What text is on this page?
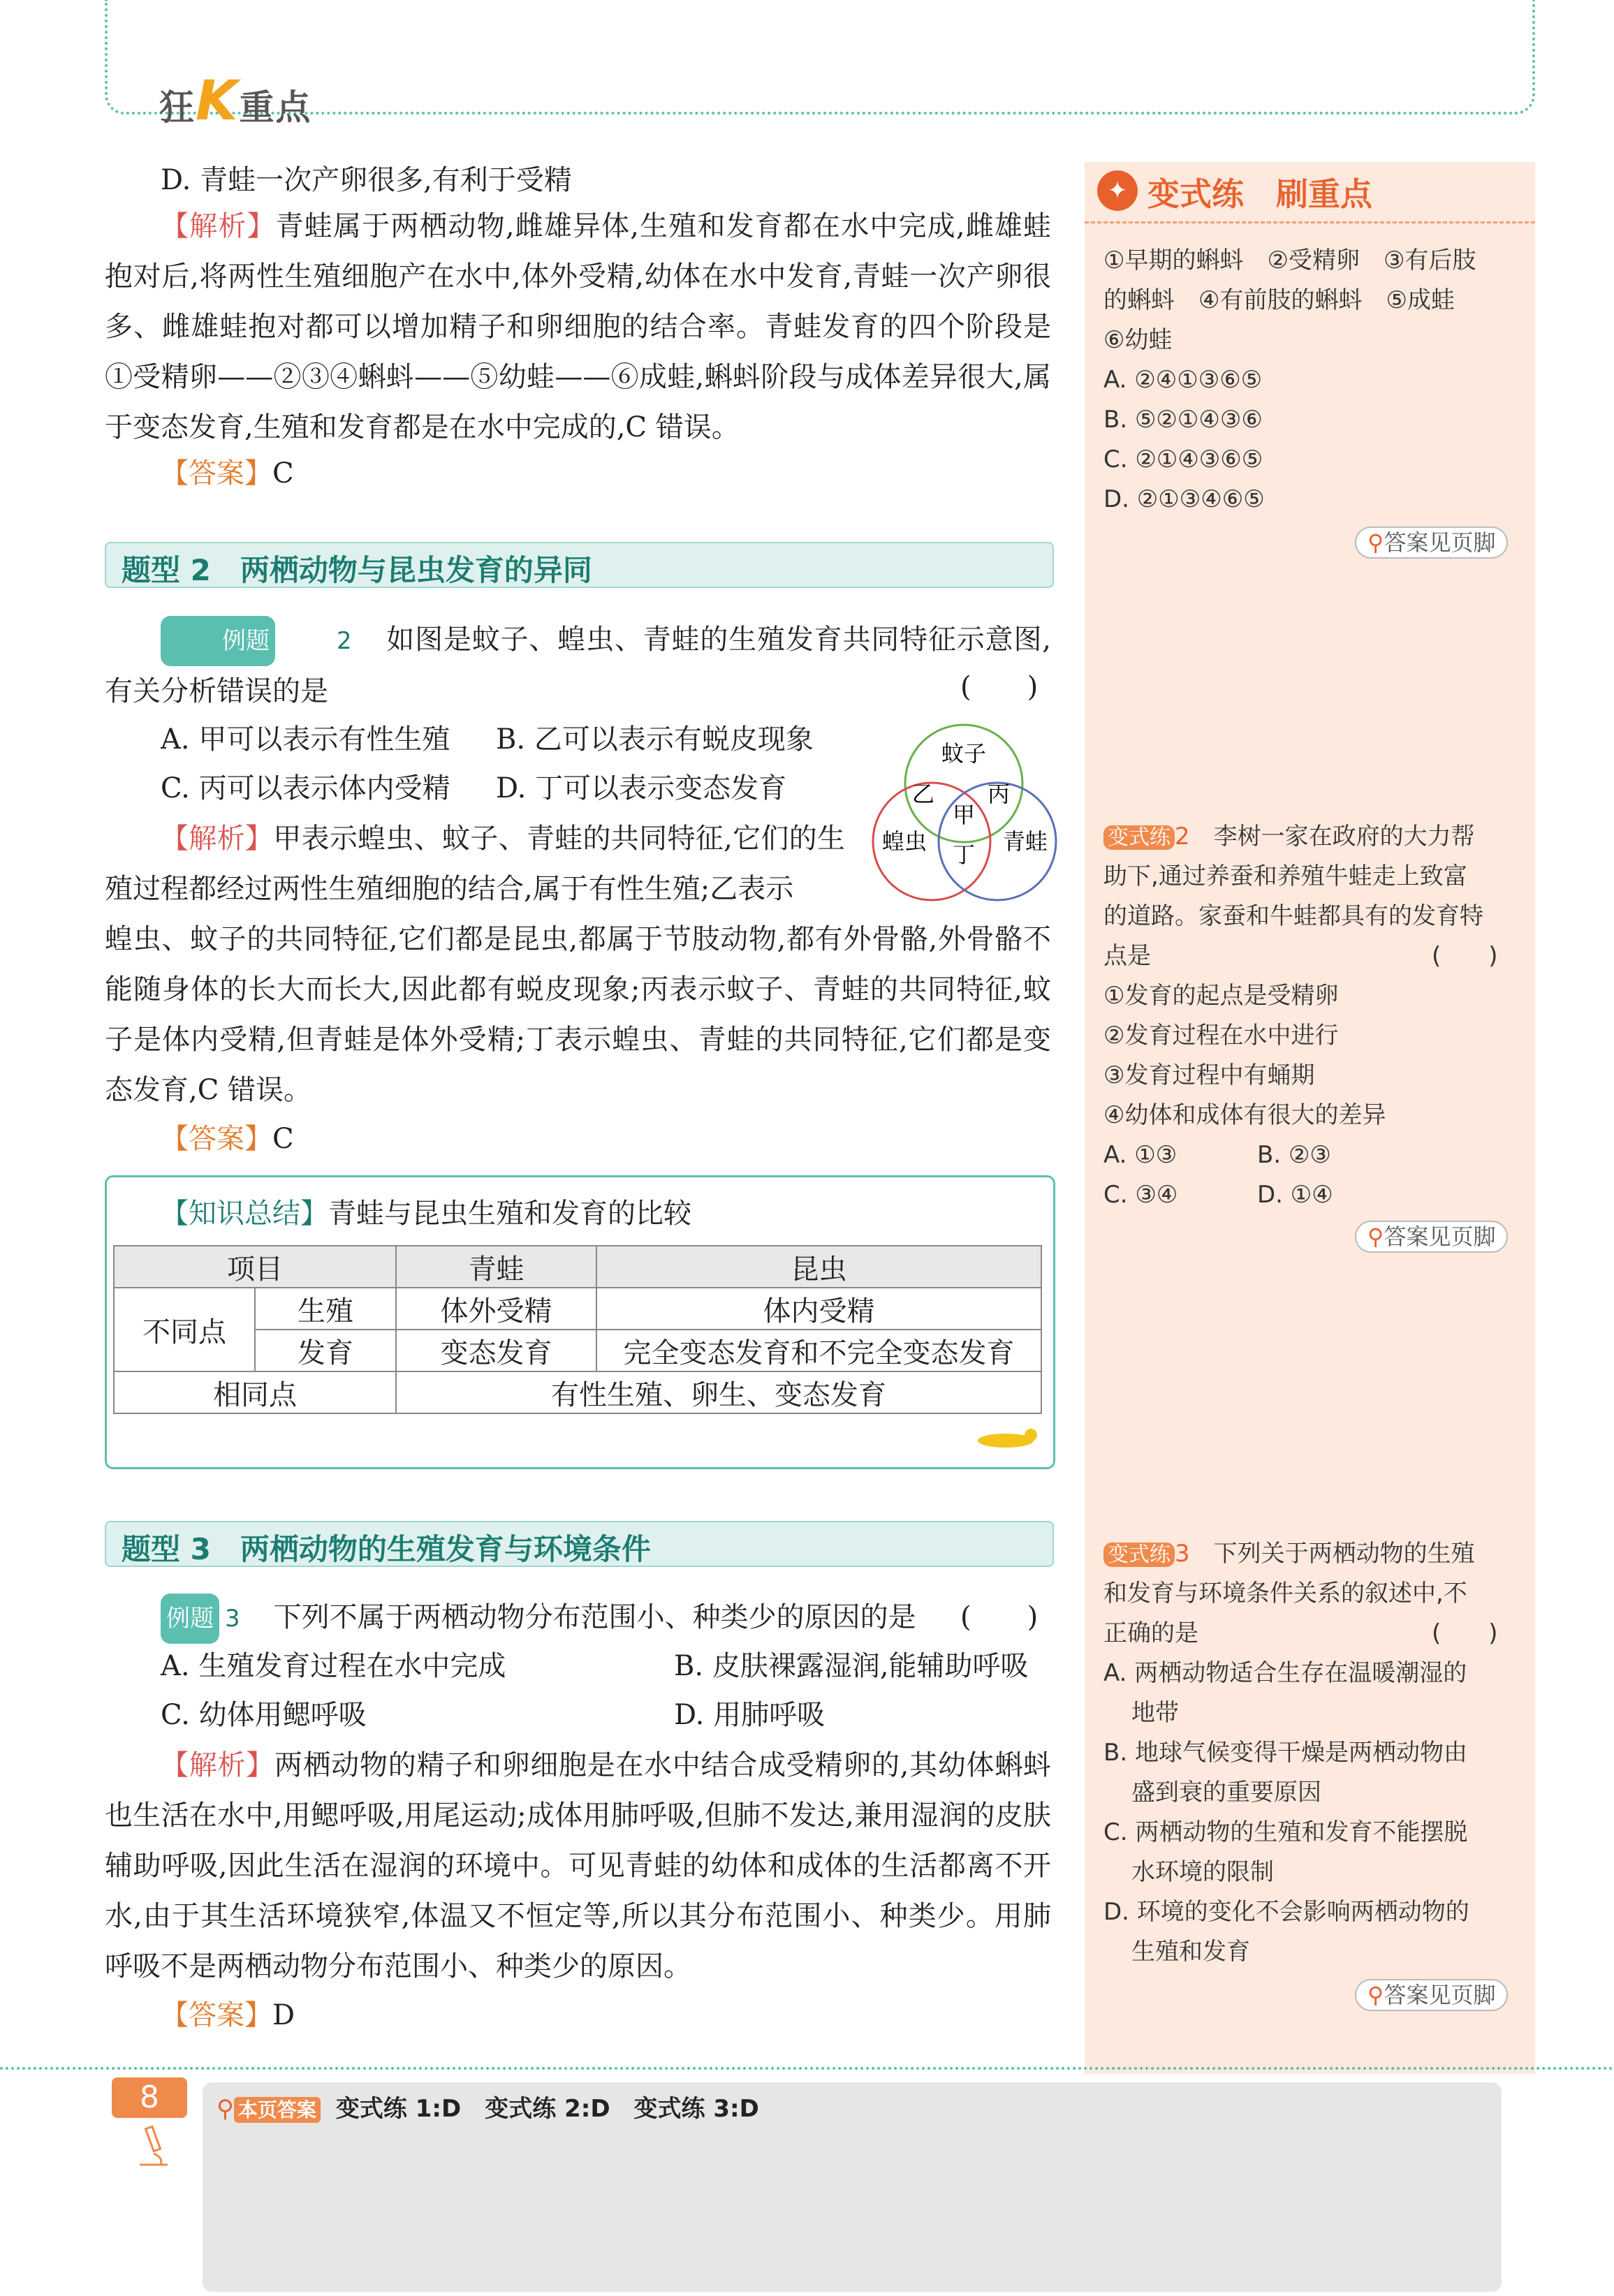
狂K重点
D. 青蛙一次产卵很多,有利于受精
【解析】青蛙属于两栖动物,雌雄异体,生殖和发育都在水中完成,雌雄蛙抱对后,将两性生殖细胞产在水中,体外受精,幼体在水中发育,青蛙一次产卵很多、雌雄蛙抱对都可以增加精子和卵细胞的结合率。青蛙发育的四个阶段是①受精卵——②③④蝌蚪——⑤幼蛙——⑥成蛙,蝌蚪阶段与成体差异很大,属于变态发育,生殖和发育都是在水中完成的,C 错误。
【答案】C
题型 2　两栖动物与昆虫发育的异同
例题	2　 如图是蚊子、蝗虫、青蛙的生殖发育共同特征示意图,有关分析错误的是	(　　)
A. 甲可以表示有性生殖	B. 乙可以表示有蜕皮现象
C. 丙可以表示体内受精	D. 丁可以表示变态发育
蚊子
蝗虫	青蛙
甲
乙 丙
丁
【解析】甲表示蝗虫、蚊子、青蛙的共同特征,它们的生殖过程都经过两性生殖细胞的结合,属于有性生殖;乙表示
蝗虫、蚊子的共同特征,它们都是昆虫,都属于节肢动物,都有外骨骼,外骨骼不能随身体的长大而长大,因此都有蜕皮现象;丙表示蚊子、青蛙的共同特征,蚊子是体内受精,但青蛙是体外受精;丁表示蝗虫、青蛙的共同特征,它们都是变态发育,C 错误。
【答案】C
【知识总结】青蛙与昆虫生殖和发育的比较
项目		青蛙	昆虫
不同点	生殖	体外受精	体内受精
	发育	变态发育	完全变态发育和不完全变态发育
相同点		有性生殖、卵生、变态发育	
题型 3　两栖动物的生殖发育与环境条件
例题 3　 下列不属于两栖动物分布范围小、种类少的原因的是	(　　)
A. 生殖发育过程在水中完成	B. 皮肤裸露湿润,能辅助呼吸
C. 幼体用鳃呼吸	D. 用肺呼吸
【解析】两栖动物的精子和卵细胞是在水中结合成受精卵的,其幼体蝌蚪也生活在水中,用鳃呼吸,用尾运动;成体用肺呼吸,但肺不发达,兼用湿润的皮肤辅助呼吸,因此生活在湿润的环境中。可见青蛙的幼体和成体的生活都离不开水,由于其生活环境狭窄,体温又不恒定等,所以其分布范围小、种类少。用肺呼吸不是两栖动物分布范围小、种类少的原因。
【答案】D
✦ 变式练　刷重点
①早期的蝌蚪　②受精卵　③有后肢
的蝌蚪　④有前肢的蝌蚪　⑤成蛙
⑥幼蛙
A. ②④①③⑥⑤
B. ⑤②①④③⑥
C. ②①④③⑥⑤
D. ②①③④⑥⑤
⚲答案见页脚
变式练 2　 李树一家在政府的大力帮
助下,通过养蚕和养殖牛蛙走上致富
的道路。家蚕和牛蛙都具有的发育特
点是	(　　)
①发育的起点是受精卵
②发育过程在水中进行
③发育过程中有蛹期
④幼体和成体有很大的差异
A. ①③	B. ②③
C. ③④	D. ①④
⚲答案见页脚
变式练 3　 下列关于两栖动物的生殖
和发育与环境条件关系的叙述中,不
正确的是	(　　)
A. 两栖动物适合生存在温暖潮湿的
地带
B. 地球气候变得干燥是两栖动物由
盛到衰的重要原因
C. 两栖动物的生殖和发育不能摆脱
水环境的限制
D. 环境的变化不会影响两栖动物的
生殖和发育
⚲答案见页脚
8	⚲ 本页答案 变式练 1:D　变式练 2:D　变式练 3:D
